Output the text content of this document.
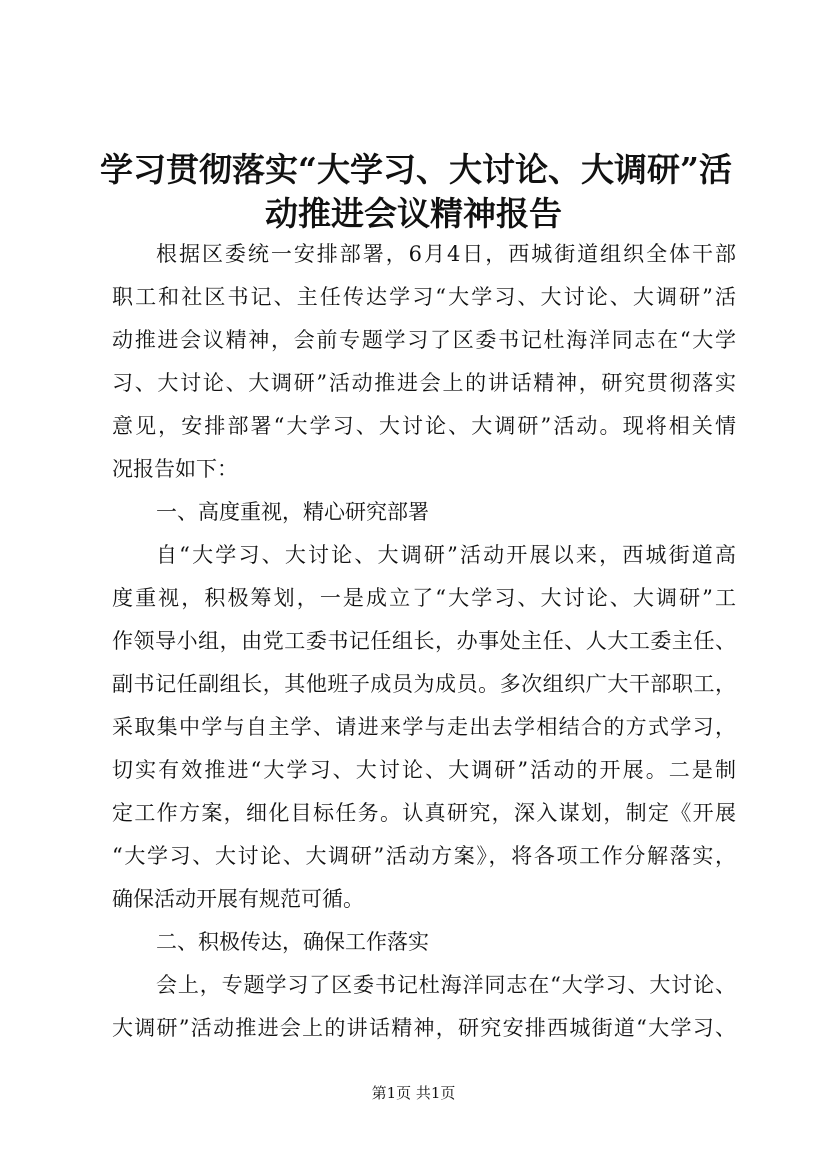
学习贯彻落实“大学习、大讨论、大调研”活
动推进会议精神报告

根据区委统一安排部署，6月4日，西城街道组织全体干部

职工和社区书记、主任传达学习“大学习、大讨论、大调研”活

动推进会议精神，会前专题学习了区委书记杜海洋同志在“大学

习、大讨论、大调研”活动推进会上的讲话精神，研究贯彻落实

意见，安排部署“大学习、大讨论、大调研”活动。现将相关情

况报告如下：

一、高度重视，精心研究部署

自“大学习、大讨论、大调研”活动开展以来，西城街道高

度重视，积极筹划，一是成立了“大学习、大讨论、大调研”工

作领导小组，由党工委书记任组长，办事处主任、人大工委主任、

副书记任副组长，其他班子成员为成员。多次组织广大干部职工，

采取集中学与自主学、请进来学与走出去学相结合的方式学习，

切实有效推进“大学习、大讨论、大调研”活动的开展。二是制

定工作方案，细化目标任务。认真研究，深入谋划，制定《开展

“大学习、大讨论、大调研”活动方案》，将各项工作分解落实，

确保活动开展有规范可循。

二、积极传达，确保工作落实

会上，专题学习了区委书记杜海洋同志在“大学习、大讨论、

大调研”活动推进会上的讲话精神，研究安排西城街道“大学习、

第1页 共1页
